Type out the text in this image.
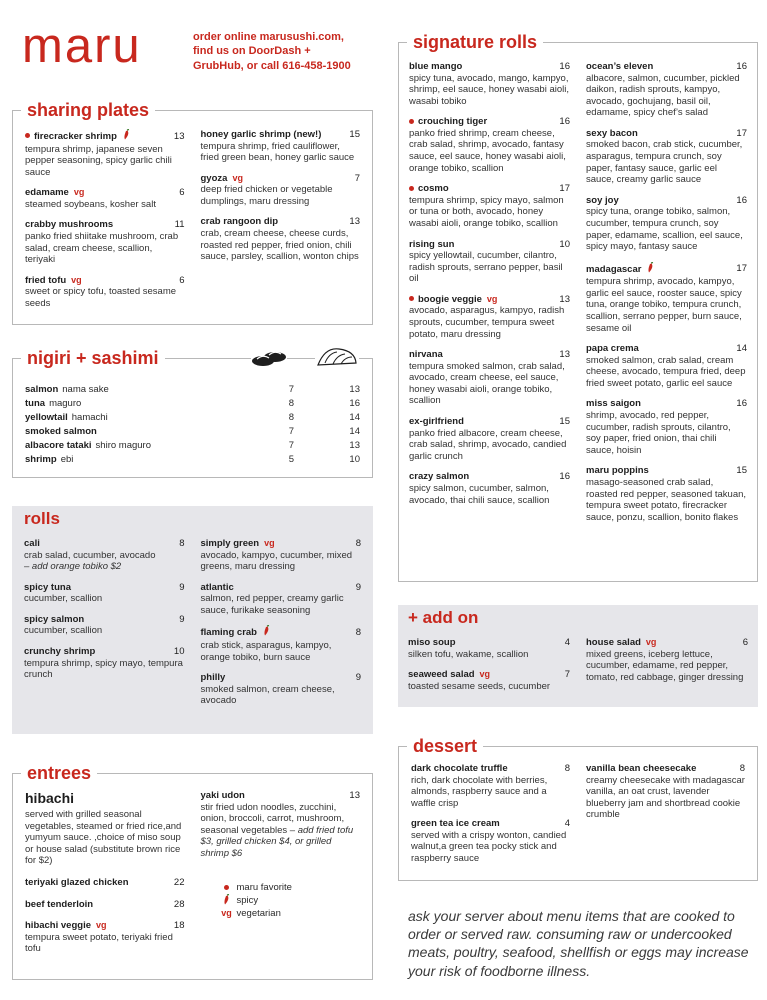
maru	order online marusushi.com,
find us on DoorDash +
GrubHub, or call 616-458-1900
sharing plates
firecracker shrimp	13
tempura shrimp, japanese seven pepper seasoning, spicy garlic chili sauce
edamame vg	6
steamed soybeans, kosher salt
crabby mushrooms	11
panko fried shiitake mushroom, crab salad, cream cheese, scallion, teriyaki
fried tofu vg	6
sweet or spicy tofu, toasted sesame seeds
honey garlic shrimp (new!)	15
tempura shrimp, fried cauliflower, fried green bean, honey garlic sauce
gyoza vg	7
deep fried chicken or vegetable dumplings, maru dressing
crab rangoon dip	13
crab, cream cheese, cheese curds, roasted red pepper, fried onion, chili sauce, parsley, scallion, wonton chips
nigiri + sashimi
salmon nama sake	7	13
tuna maguro	8	16
yellowtail hamachi	8	14
smoked salmon	7	14
albacore tataki shiro maguro	7	13
shrimp ebi	5	10
rolls
cali	8
crab salad, cucumber, avocado
– add orange tobiko $2
spicy tuna	9
cucumber, scallion
spicy salmon	9
cucumber, scallion
crunchy shrimp	10
tempura shrimp, spicy mayo, tempura crunch
simply green vg	8
avocado, kampyo, cucumber, mixed greens, maru dressing
atlantic	9
salmon, red pepper, creamy garlic sauce, furikake seasoning
flaming crab	8
crab stick, asparagus, kampyo, orange tobiko, burn sauce
philly	9
smoked salmon, cream cheese, avocado
entrees
hibachi
served with grilled seasonal vegetables, steamed or fried rice,and yumyum sauce. ,choice of miso soup or house salad (substitute brown rice for $2)
teriyaki glazed chicken	22
beef tenderloin	28
hibachi veggie vg	18
tempura sweet potato, teriyaki fried tofu
yaki udon	13
stir fried udon noodles, zucchini, onion, broccoli, carrot, mushroom, seasonal vegetables – add fried tofu $3, grilled chicken $4, or grilled shrimp $6
maru favorite
spicy
vg vegetarian
signature rolls
blue mango	16
spicy tuna, avocado, mango, kampyo, shrimp, eel sauce, honey wasabi aioli, wasabi tobiko
crouching tiger	16
panko fried shrimp, cream cheese, crab salad, shrimp, avocado, fantasy sauce, eel sauce, honey wasabi aioli, orange tobiko, scallion
cosmo	17
tempura shrimp, spicy mayo, salmon or tuna or both, avocado, honey wasabi aioli, orange tobiko, scallion
rising sun	10
spicy yellowtail, cucumber, cilantro, radish sprouts, serrano pepper, basil oil
boogie veggie vg	13
avocado, asparagus, kampyo, radish sprouts, cucumber, tempura sweet potato, maru dressing
nirvana	13
tempura smoked salmon, crab salad, avocado, cream cheese, eel sauce, honey wasabi aioli, orange tobiko, scallion
ex-girlfriend	15
panko fried albacore, cream cheese, crab salad, shrimp, avocado, candied garlic crunch
crazy salmon	16
spicy salmon, cucumber, salmon, avocado, thai chili sauce, scallion
ocean’s eleven	16
albacore, salmon, cucumber, pickled daikon, radish sprouts, kampyo, avocado, gochujang, basil oil, edamame, spicy chef’s salad
sexy bacon	17
smoked bacon, crab stick, cucumber, asparagus, tempura crunch, soy paper, fantasy sauce, garlic eel sauce, creamy garlic sauce
soy joy	16
spicy tuna, orange tobiko, salmon, cucumber, tempura crunch, soy paper, edamame, scallion, eel sauce, spicy mayo, fantasy sauce
madagascar	17
tempura shrimp, avocado, kampyo, garlic eel sauce, rooster sauce, spicy tuna, orange tobiko, tempura crunch, scallion, serrano pepper, burn sauce, sesame oil
papa crema	14
smoked salmon, crab salad, cream cheese, avocado, tempura fried, deep fried sweet potato, garlic eel sauce
miss saigon	16
shrimp, avocado, red pepper, cucumber, radish sprouts, cilantro, soy paper, fried onion, thai chili sauce, hoisin
maru poppins	15
masago-seasoned crab salad, roasted red pepper, seasoned takuan, tempura sweet potato, firecracker sauce, ponzu, scallion, bonito flakes
+ add on
miso soup	4
silken tofu, wakame, scallion
seaweed salad vg	7
toasted sesame seeds, cucumber
house salad vg	6
mixed greens, iceberg lettuce, cucumber, edamame, red pepper, tomato, red cabbage, ginger dressing
dessert
dark chocolate truffle	8
rich, dark chocolate with berries, almonds, raspberry sauce and a waffle crisp
green tea ice cream	4
served with a crispy wonton, candied walnut,a green tea pocky stick and raspberry sauce
vanilla bean cheesecake	8
creamy cheesecake with madagascar vanilla, an oat crust, lavender blueberry jam and shortbread cookie crumble
ask your server about menu items that are cooked to order or served raw. consuming raw or undercooked meats, poultry, seafood, shellfish or eggs may increase your risk of foodborne illness.
